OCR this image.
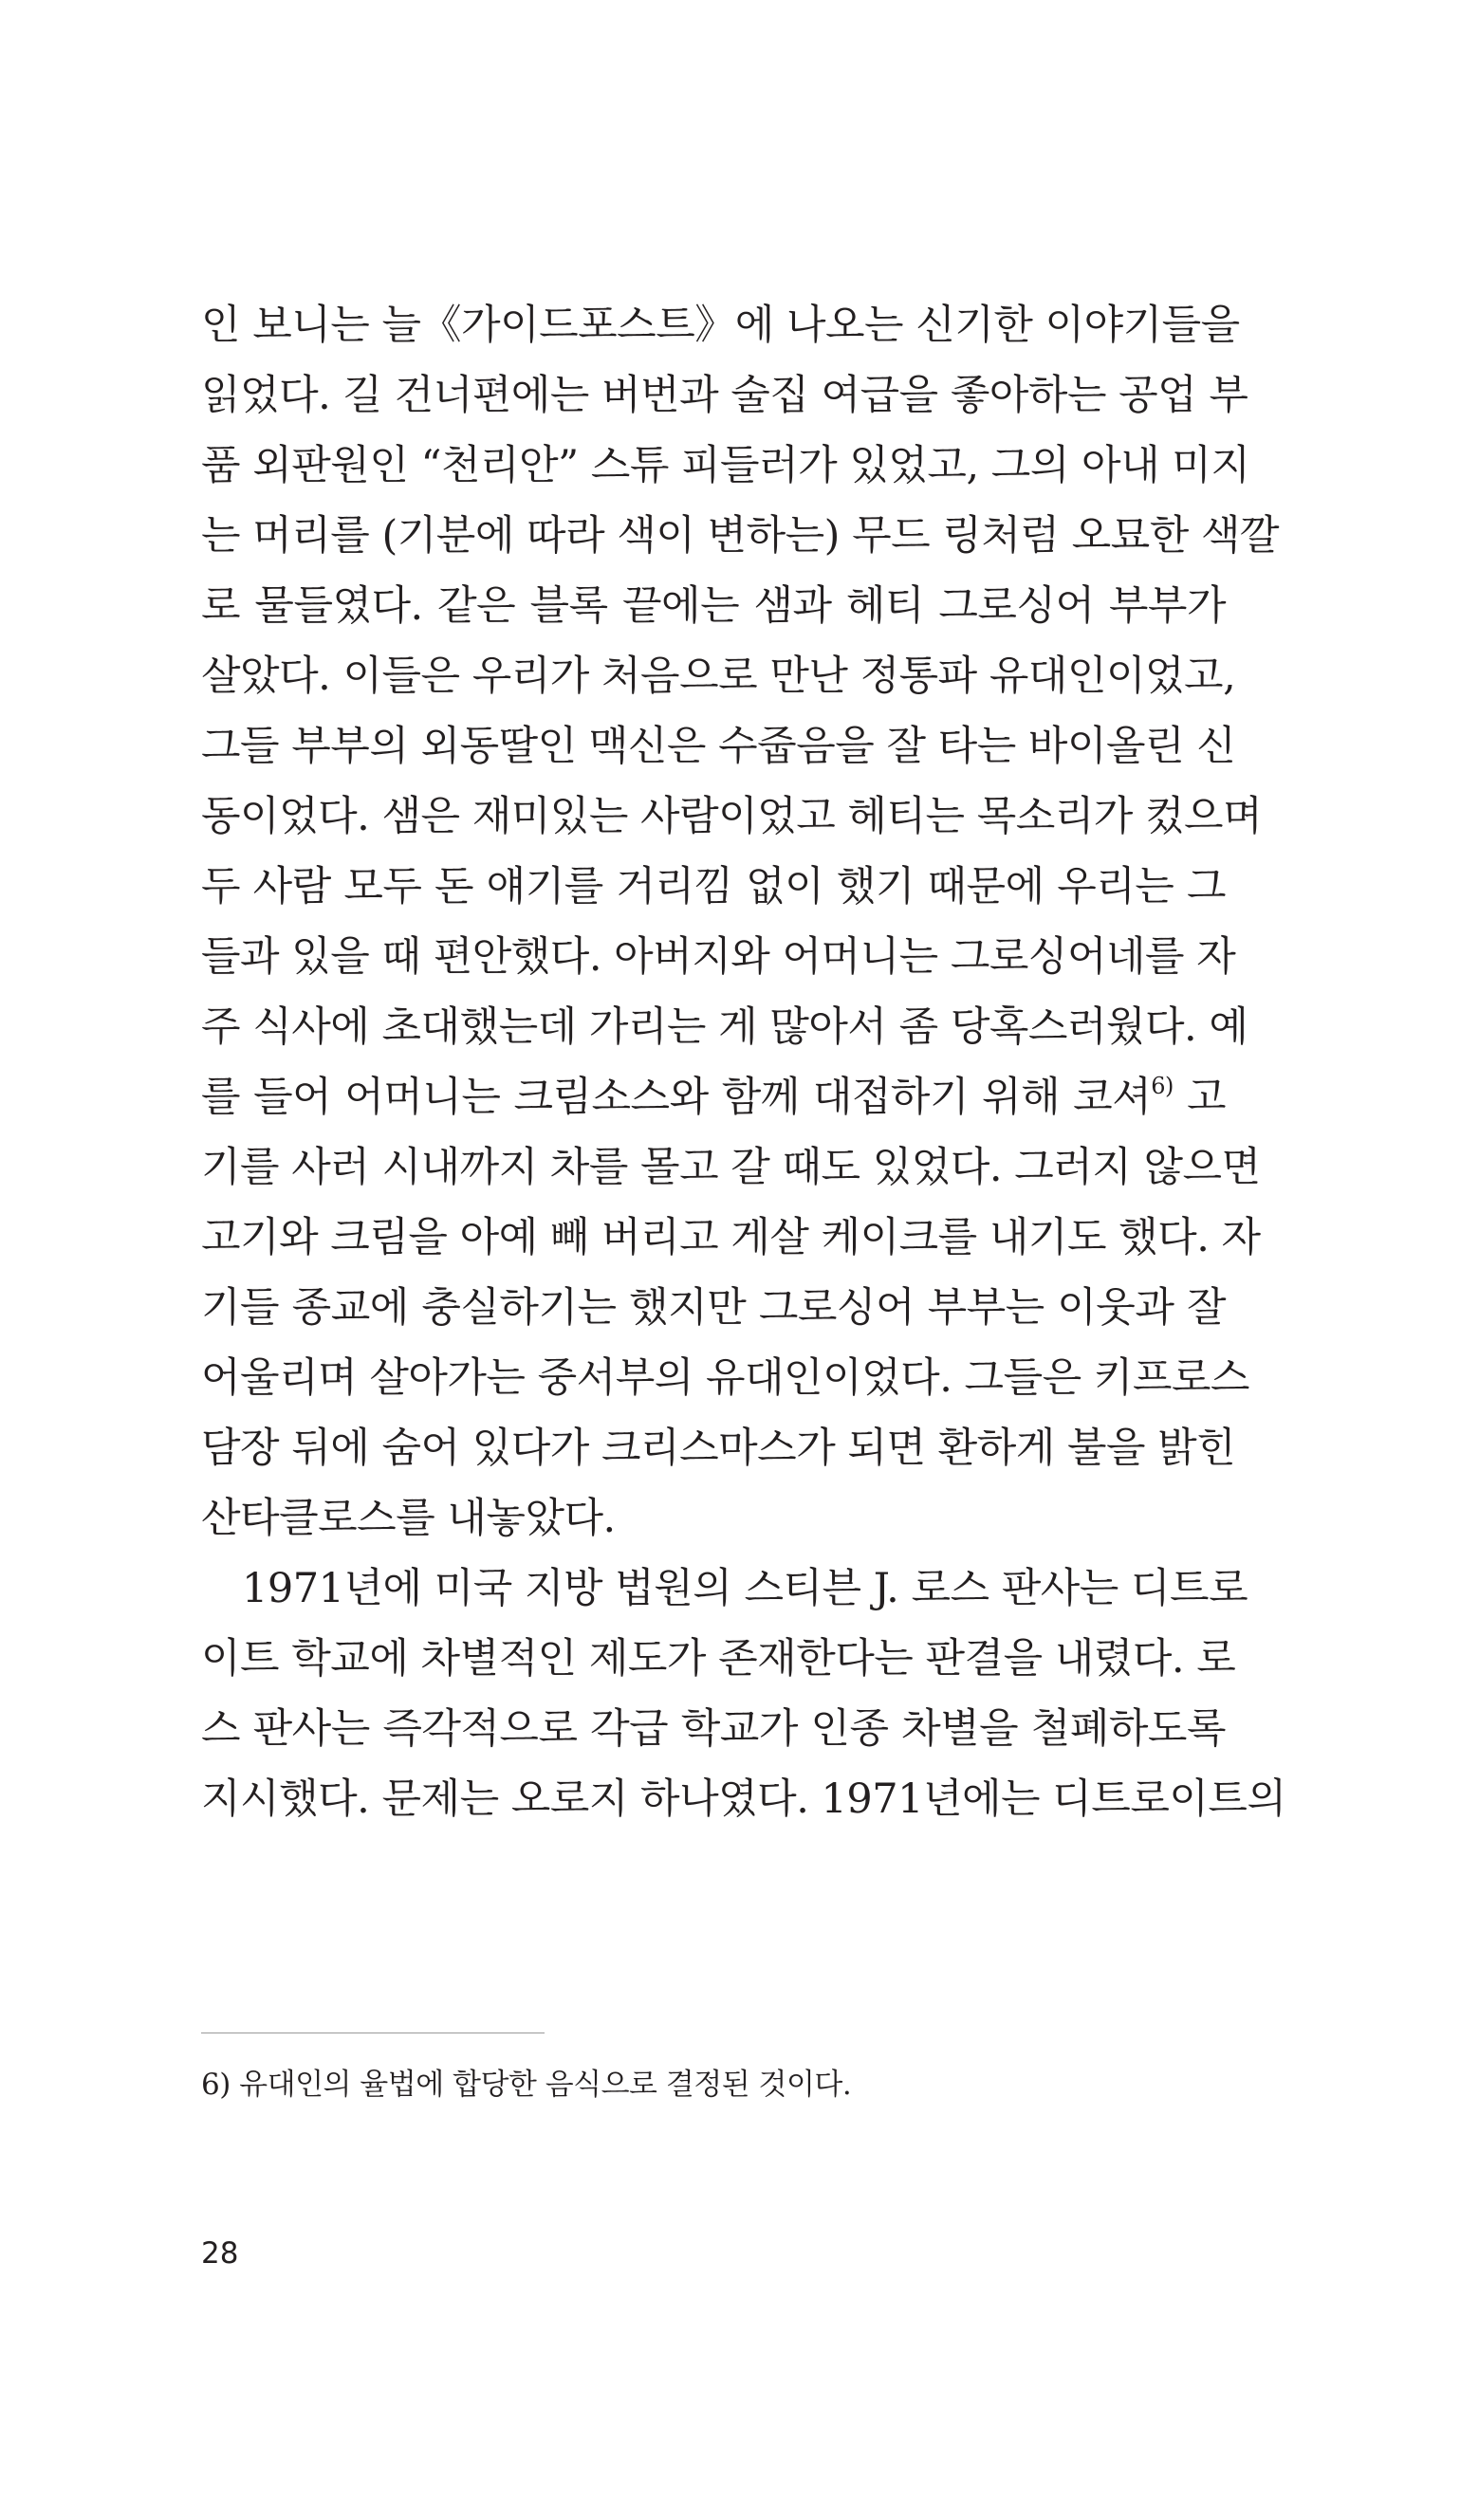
인 보니는 늘《가이드포스트》에 나오는 신기한 이야기들을
읽었다. 길 건너편에는 버번과 술집 여급을 좋아하는 공업 부
품 외판원인 “천리안” 스튜 피들러가 있었고, 그의 아내 미지
는 머리를 (기분에 따라 색이 변하는) 무드 링처럼 오묘한 색깔
로 물들였다. 같은 블록 끝에는 샘과 헤티 그로싱어 부부가
살았다. 이들은 우리가 처음으로 만난 정통파 유대인이었고,
그들 부부의 외동딸인 맥신은 수줍음을 잘 타는 바이올린 신
동이었다. 샘은 재미있는 사람이었고 헤티는 목소리가 컸으며
두 사람 모두 돈 얘기를 거리낌 없이 했기 때문에 우리는 그
들과 있을 때 편안했다. 아버지와 어머니는 그로싱어네를 자
주 식사에 초대했는데 가리는 게 많아서 좀 당혹스러웠다. 예
를 들어 어머니는 크림소스와 함께 대접하기 위해 코셔$^{6)}$ 고
기를 사러 시내까지 차를 몰고 갈 때도 있었다. 그러지 않으면
고기와 크림을 아예 빼 버리고 게살 케이크를 내기도 했다. 자
기들 종교에 충실하기는 했지만 그로싱어 부부는 이웃과 잘
어울리며 살아가는 중서부의 유대인이었다. 그들은 키프로스
담장 뒤에 숨어 있다가 크리스마스가 되면 환하게 불을 밝힌
산타클로스를 내놓았다.
1971년에 미국 지방 법원의 스티븐 J. 로스 판사는 디트로
이트 학교에 차별적인 제도가 존재한다는 판결을 내렸다. 로
스 판사는 즉각적으로 각급 학교가 인종 차별을 철폐하도록
지시했다. 문제는 오로지 하나였다. 1971년에는 디트로이트의
6) 유대인의 율법에 합당한 음식으로 결정된 것이다.
28
